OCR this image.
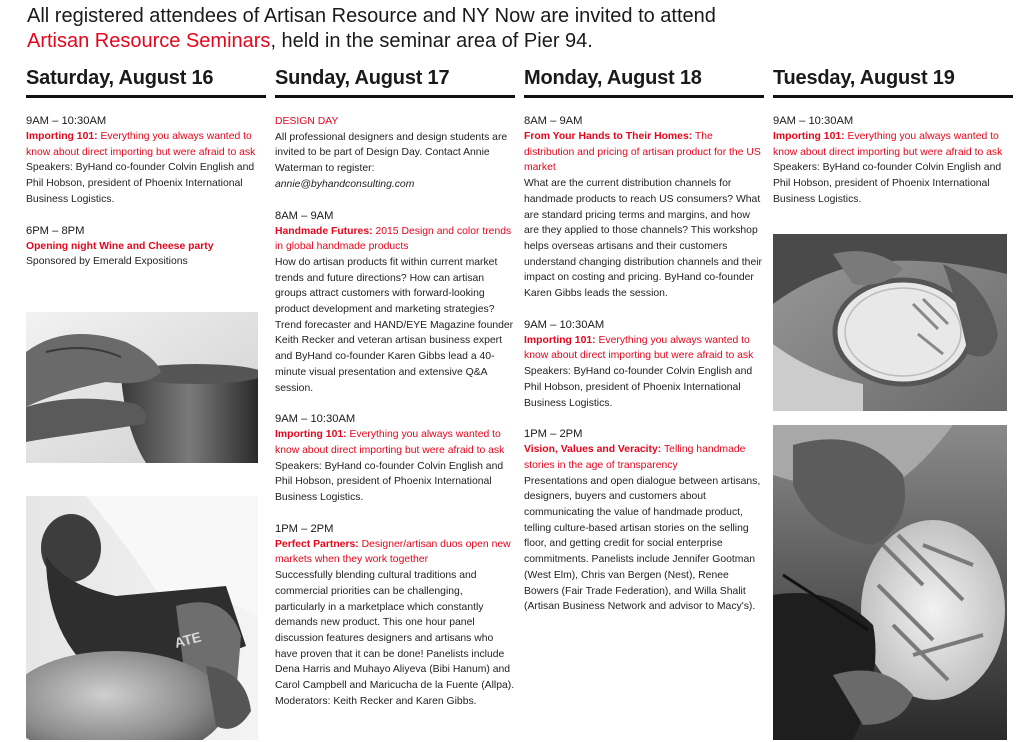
All registered attendees of Artisan Resource and NY Now are invited to attend
Artisan Resource Seminars, held in the seminar area of Pier 94.
Saturday, August 16
9AM – 10:30AM
Importing 101: Everything you always wanted to know about direct importing but were afraid to ask
Speakers: ByHand co-founder Colvin English and Phil Hobson, president of Phoenix International Business Logistics.
6PM – 8PM
Opening night Wine and Cheese party
Sponsored by Emerald Expositions
Sunday, August 17
DESIGN DAY
All professional designers and design students are invited to be part of Design Day. Contact Annie Waterman to register:
annie@byhandconsulting.com
8AM – 9AM
Handmade Futures: 2015 Design and color trends in global handmade products
How do artisan products fit within current market trends and future directions? How can artisan groups attract customers with forward-looking product development and marketing strategies? Trend forecaster and HAND/EYE Magazine founder Keith Recker and veteran artisan business expert and ByHand co-founder Karen Gibbs lead a 40-minute visual presentation and extensive Q&A session.
9AM – 10:30AM
Importing 101: Everything you always wanted to know about direct importing but were afraid to ask
Speakers: ByHand co-founder Colvin English and Phil Hobson, president of Phoenix International Business Logistics.
1PM – 2PM
Perfect Partners: Designer/artisan duos open new markets when they work together
Successfully blending cultural traditions and commercial priorities can be challenging, particularly in a marketplace which constantly demands new product. This one hour panel discussion features designers and artisans who have proven that it can be done! Panelists include Dena Harris and Muhayo Aliyeva (Bibi Hanum) and Carol Campbell and Maricucha de la Fuente (Allpa). Moderators: Keith Recker and Karen Gibbs.
Monday, August 18
8AM – 9AM
From Your Hands to Their Homes: The distribution and pricing of artisan product for the US market
What are the current distribution channels for handmade products to reach US consumers? What are standard pricing terms and margins, and how are they applied to those channels? This workshop helps overseas artisans and their customers understand changing distribution channels and their impact on costing and pricing. ByHand co-founder Karen Gibbs leads the session.
9AM – 10:30AM
Importing 101: Everything you always wanted to know about direct importing but were afraid to ask
Speakers: ByHand co-founder Colvin English and Phil Hobson, president of Phoenix International Business Logistics.
1PM – 2PM
Vision, Values and Veracity: Telling handmade stories in the age of transparency
Presentations and open dialogue between artisans, designers, buyers and customers about communicating the value of handmade product, telling culture-based artisan stories on the selling floor, and getting credit for social enterprise commitments. Panelists include Jennifer Gootman (West Elm), Chris van Bergen (Nest), Renee Bowers (Fair Trade Federation), and Willa Shalit (Artisan Business Network and advisor to Macy's).
Tuesday, August 19
9AM – 10:30AM
Importing 101: Everything you always wanted to know about direct importing but were afraid to ask
Speakers: ByHand co-founder Colvin English and Phil Hobson, president of Phoenix International Business Logistics.
ATE
